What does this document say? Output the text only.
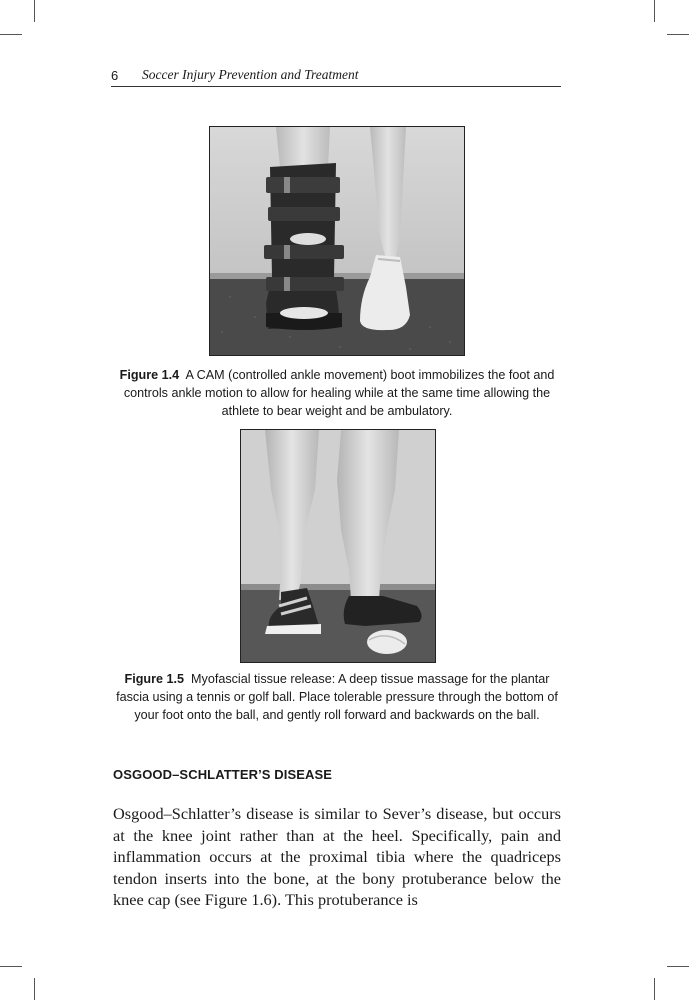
6 Soccer Injury Prevention and Treatment
Figure 1.4 A CAM (controlled ankle movement) boot immobilizes the foot and controls ankle motion to allow for healing while at the same time allowing the athlete to bear weight and be ambulatory.
Figure 1.5 Myofascial tissue release: A deep tissue massage for the plantar fascia using a tennis or golf ball. Place tolerable pressure through the bottom of your foot onto the ball, and gently roll forward and backwards on the ball.
OSGOOD–SCHLATTER’S DISEASE
Osgood–Schlatter’s disease is similar to Sever’s disease, but occurs at the knee joint rather than at the heel. Specifically, pain and inflammation occurs at the proximal tibia where the quadriceps tendon inserts into the bone, at the bony protuberance below the knee cap (see Figure 1.6). This protuberance is
